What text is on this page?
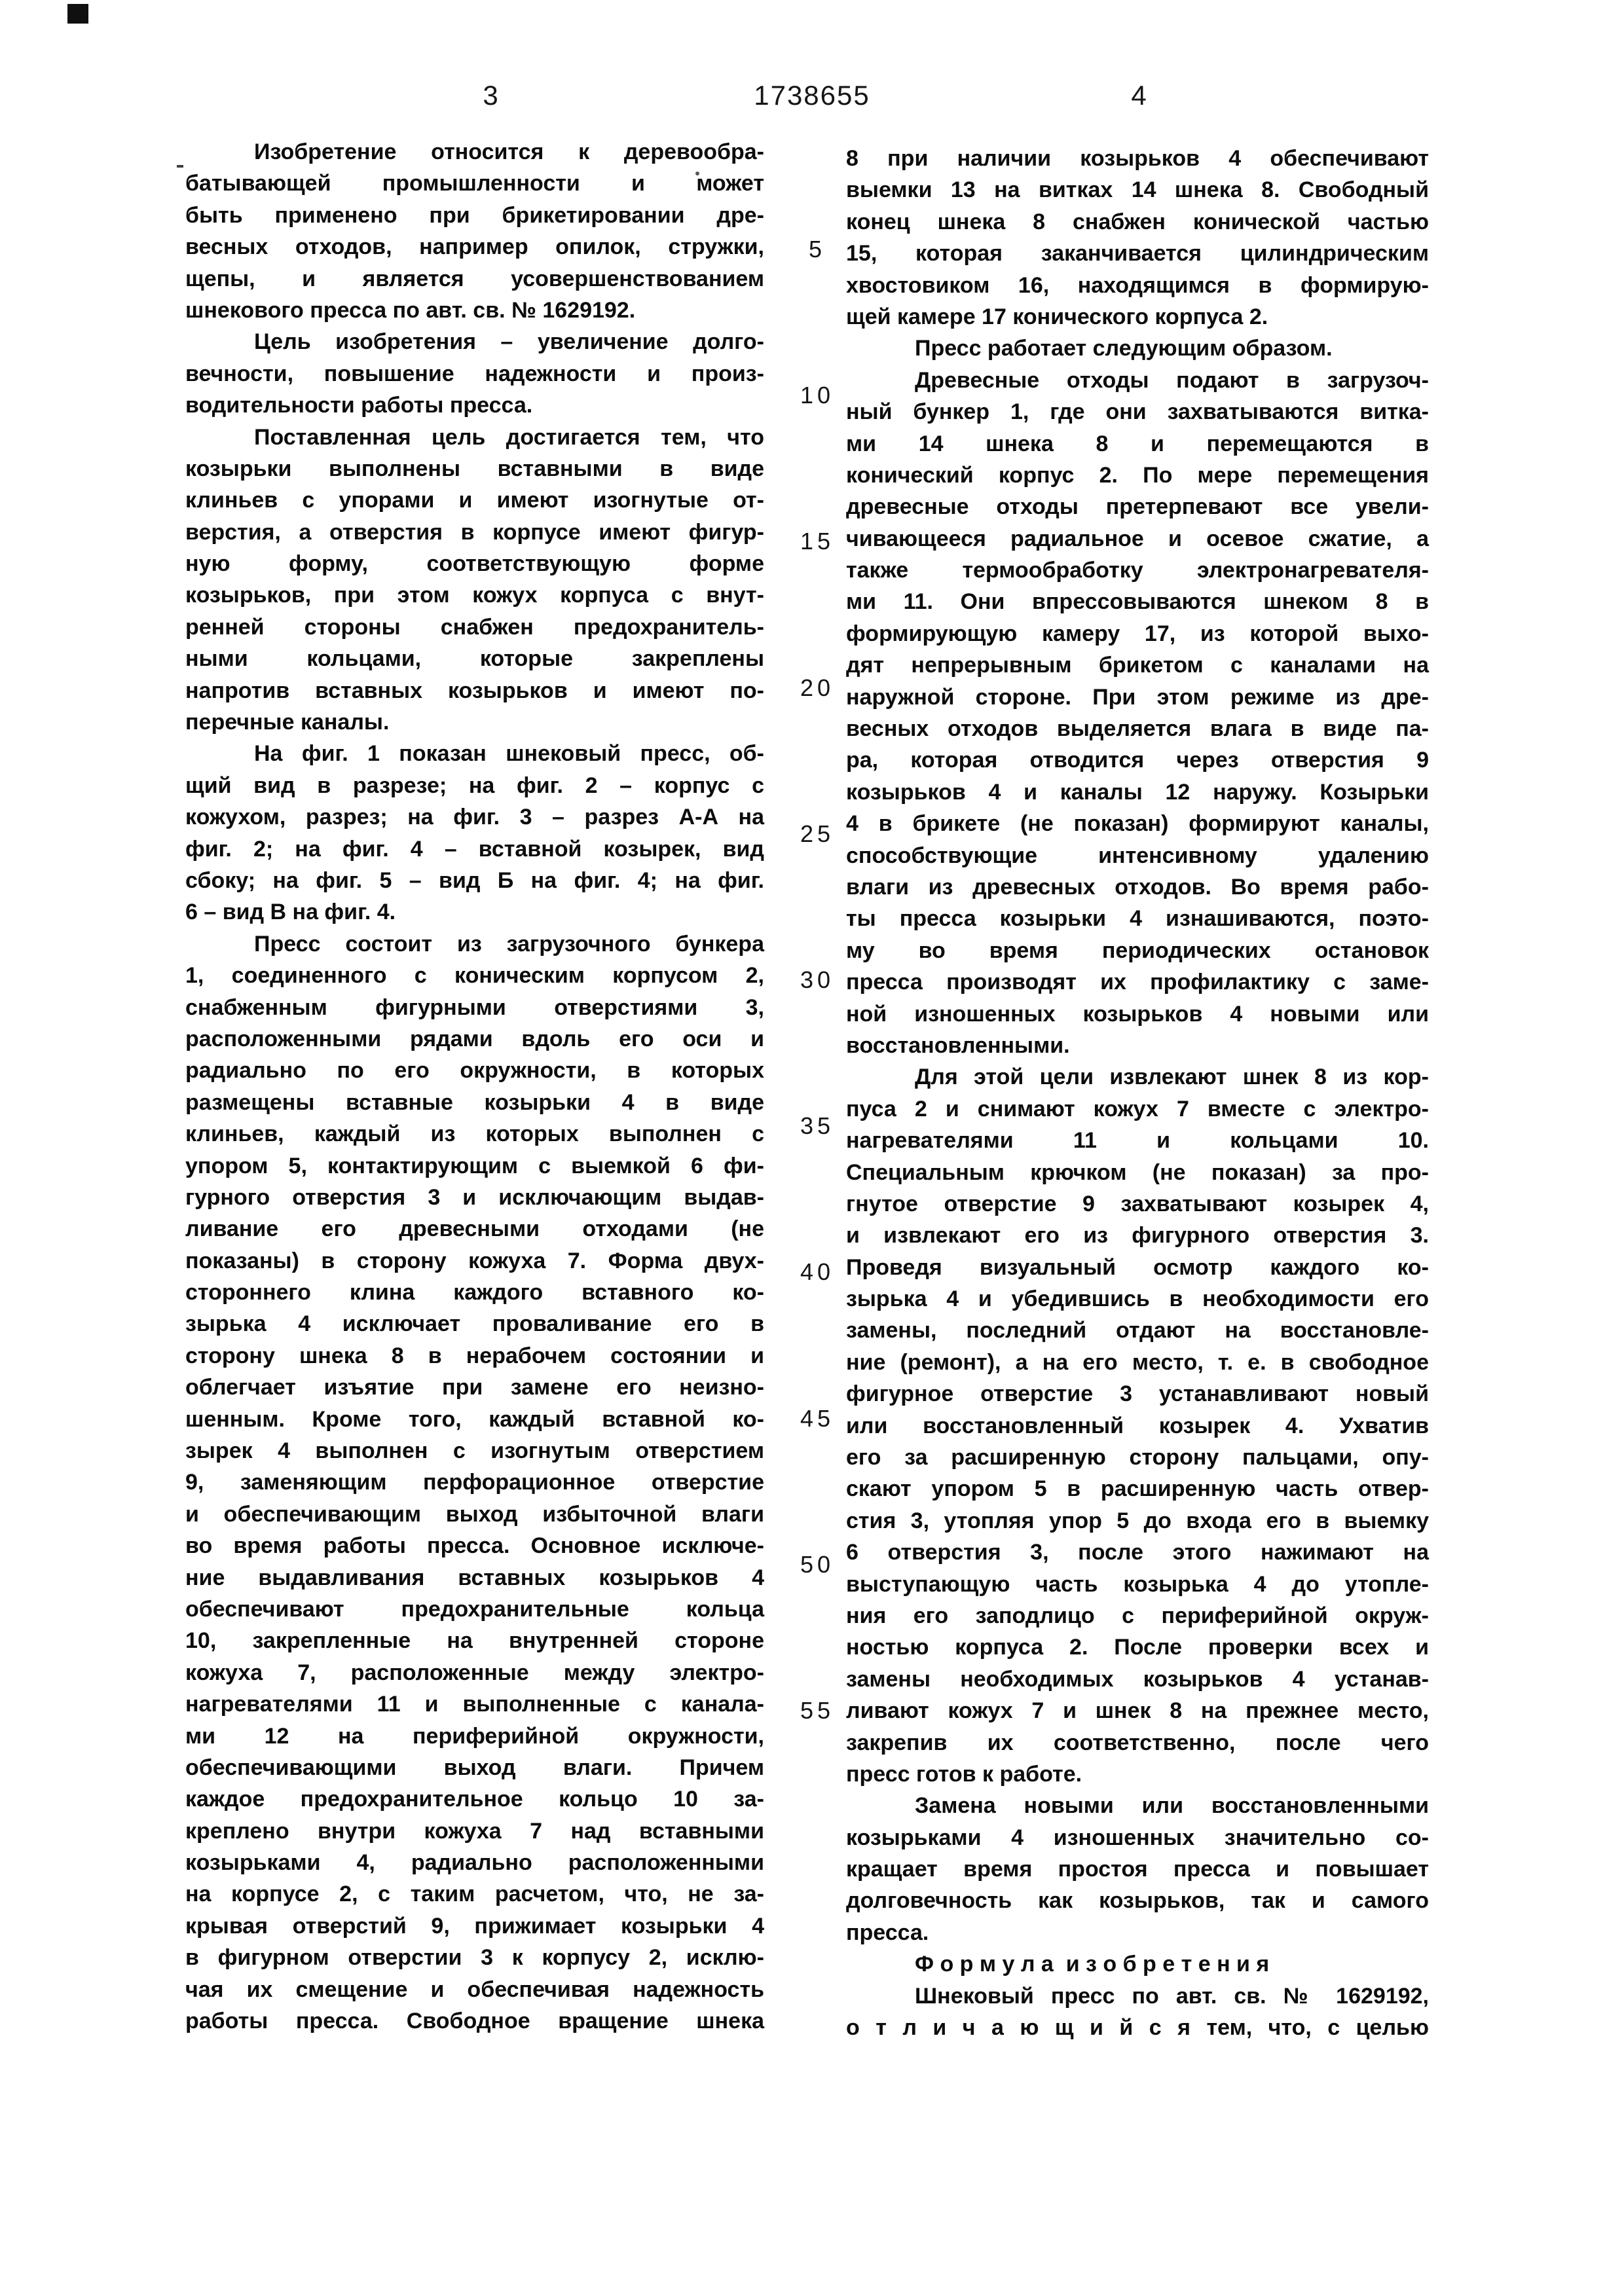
3	1738655	4
Изобретение относится к деревообра-
батывающей промышленности и может
быть применено при брикетировании дре-
весных отходов, например опилок, стружки,
щепы, и является усовершенствованием
шнекового пресса по авт. св. № 1629192.
Цель изобретения – увеличение долго-
вечности, повышение надежности и произ-
водительности работы пресса.
Поставленная цель достигается тем, что
козырьки выполнены вставными в виде
клиньев с упорами и имеют изогнутые от-
верстия, а отверстия в корпусе имеют фигур-
ную форму, соответствующую форме
козырьков, при этом кожух корпуса с внут-
ренней стороны снабжен предохранитель-
ными кольцами, которые закреплены
напротив вставных козырьков и имеют по-
перечные каналы.
На фиг. 1 показан шнековый пресс, об-
щий вид в разрезе; на фиг. 2 – корпус с
кожухом, разрез; на фиг. 3 – разрез А-А на
фиг. 2; на фиг. 4 – вставной козырек, вид
сбоку; на фиг. 5 – вид Б на фиг. 4; на фиг.
6 – вид В на фиг. 4.
Пресс состоит из загрузочного бункера
1, соединенного с коническим корпусом 2,
снабженным фигурными отверстиями 3,
расположенными рядами вдоль его оси и
радиально по его окружности, в которых
размещены вставные козырьки 4 в виде
клиньев, каждый из которых выполнен с
упором 5, контактирующим с выемкой 6 фи-
гурного отверстия 3 и исключающим выдав-
ливание его древесными отходами (не
показаны) в сторону кожуха 7. Форма двух-
стороннего клина каждого вставного ко-
зырька 4 исключает проваливание его в
сторону шнека 8 в нерабочем состоянии и
облегчает изъятие при замене его неизно-
шенным. Кроме того, каждый вставной ко-
зырек 4 выполнен с изогнутым отверстием
9, заменяющим перфорационное отверстие
и обеспечивающим выход избыточной влаги
во время работы пресса. Основное исключе-
ние выдавливания вставных козырьков 4
обеспечивают предохранительные кольца
10, закрепленные на внутренней стороне
кожуха 7, расположенные между электро-
нагревателями 11 и выполненные с канала-
ми 12 на периферийной окружности,
обеспечивающими выход влаги. Причем
каждое предохранительное кольцо 10 за-
креплено внутри кожуха 7 над вставными
козырьками 4, радиально расположенными
на корпусе 2, с таким расчетом, что, не за-
крывая отверстий 9, прижимает козырьки 4
в фигурном отверстии 3 к корпусу 2, исклю-
чая их смещение и обеспечивая надежность
работы пресса. Свободное вращение шнека
5
10
15
20
25
30
35
40
45
50
55
8 при наличии козырьков 4 обеспечивают
выемки 13 на витках 14 шнека 8. Свободный
конец шнека 8 снабжен конической частью
15, которая заканчивается цилиндрическим
хвостовиком 16, находящимся в формирую-
щей камере 17 конического корпуса 2.
Пресс работает следующим образом.
Древесные отходы подают в загрузоч-
ный бункер 1, где они захватываются витка-
ми 14 шнека 8 и перемещаются в
конический корпус 2. По мере перемещения
древесные отходы претерпевают все увели-
чивающееся радиальное и осевое сжатие, а
также термообработку электронагревателя-
ми 11. Они впрессовываются шнеком 8 в
формирующую камеру 17, из которой выхо-
дят непрерывным брикетом с каналами на
наружной стороне. При этом режиме из дре-
весных отходов выделяется влага в виде па-
ра, которая отводится через отверстия 9
козырьков 4 и каналы 12 наружу. Козырьки
4 в брикете (не показан) формируют каналы,
способствующие интенсивному удалению
влаги из древесных отходов. Во время рабо-
ты пресса козырьки 4 изнашиваются, поэто-
му во время периодических остановок
пресса производят их профилактику с заме-
ной изношенных козырьков 4 новыми или
восстановленными.
Для этой цели извлекают шнек 8 из кор-
пуса 2 и снимают кожух 7 вместе с электро-
нагревателями 11 и кольцами 10.
Специальным крючком (не показан) за про-
гнутое отверстие 9 захватывают козырек 4,
и извлекают его из фигурного отверстия 3.
Проведя визуальный осмотр каждого ко-
зырька 4 и убедившись в необходимости его
замены, последний отдают на восстановле-
ние (ремонт), а на его место, т. е. в свободное
фигурное отверстие 3 устанавливают новый
или восстановленный козырек 4. Ухватив
его за расширенную сторону пальцами, опу-
скают упором 5 в расширенную часть отвер-
стия 3, утопляя упор 5 до входа его в выемку
6 отверстия 3, после этого нажимают на
выступающую часть козырька 4 до утопле-
ния его заподлицо с периферийной окруж-
ностью корпуса 2. После проверки всех и
замены необходимых козырьков 4 устанав-
ливают кожух 7 и шнек 8 на прежнее место,
закрепив их соответственно, после чего
пресс готов к работе.
Замена новыми или восстановленными
козырьками 4 изношенных значительно со-
кращает время простоя пресса и повышает
долговечность как козырьков, так и самого
пресса.
Ф о р м у л а  и з о б р е т е н и я
Шнековый пресс по авт. св. № 1629192,
о т л и ч а ю щ и й с я тем, что, с целью
